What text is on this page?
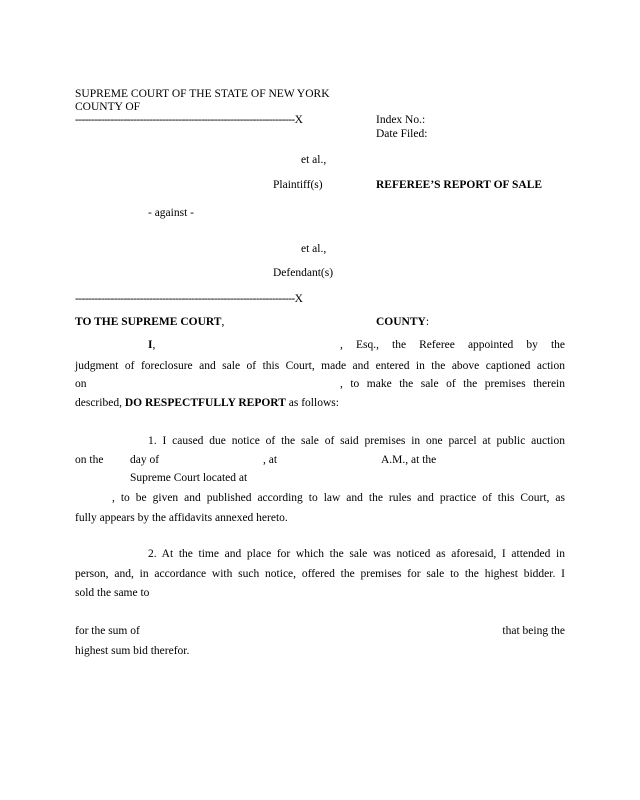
SUPREME COURT OF THE STATE OF NEW YORK
COUNTY OF
--------------------------------------------------------------------X	Index No.:
Date Filed:
et al.,
Plaintiff(s)	REFEREE’S REPORT OF SALE
- against -
et al.,
Defendant(s)
--------------------------------------------------------------------X
TO THE SUPREME COURT,	COUNTY:
I,	, Esq., the Referee appointed by the
judgment of foreclosure and sale of this Court, made and entered in the above captioned action
on	, to make the sale of the premises therein
described, DO RESPECTFULLY REPORT as follows:
1. I caused due notice of the sale of said premises in one parcel at public auction
on the day of	, at	A.M., at the
Supreme Court located at
, to be given and published according to law and the rules and practice of this Court, as
fully appears by the affidavits annexed hereto.
2. At the time and place for which the sale was noticed as aforesaid, I attended in
person, and, in accordance with such notice, offered the premises for sale to the highest bidder. I
sold the same to
for the sum of	that being the
highest sum bid therefor.
